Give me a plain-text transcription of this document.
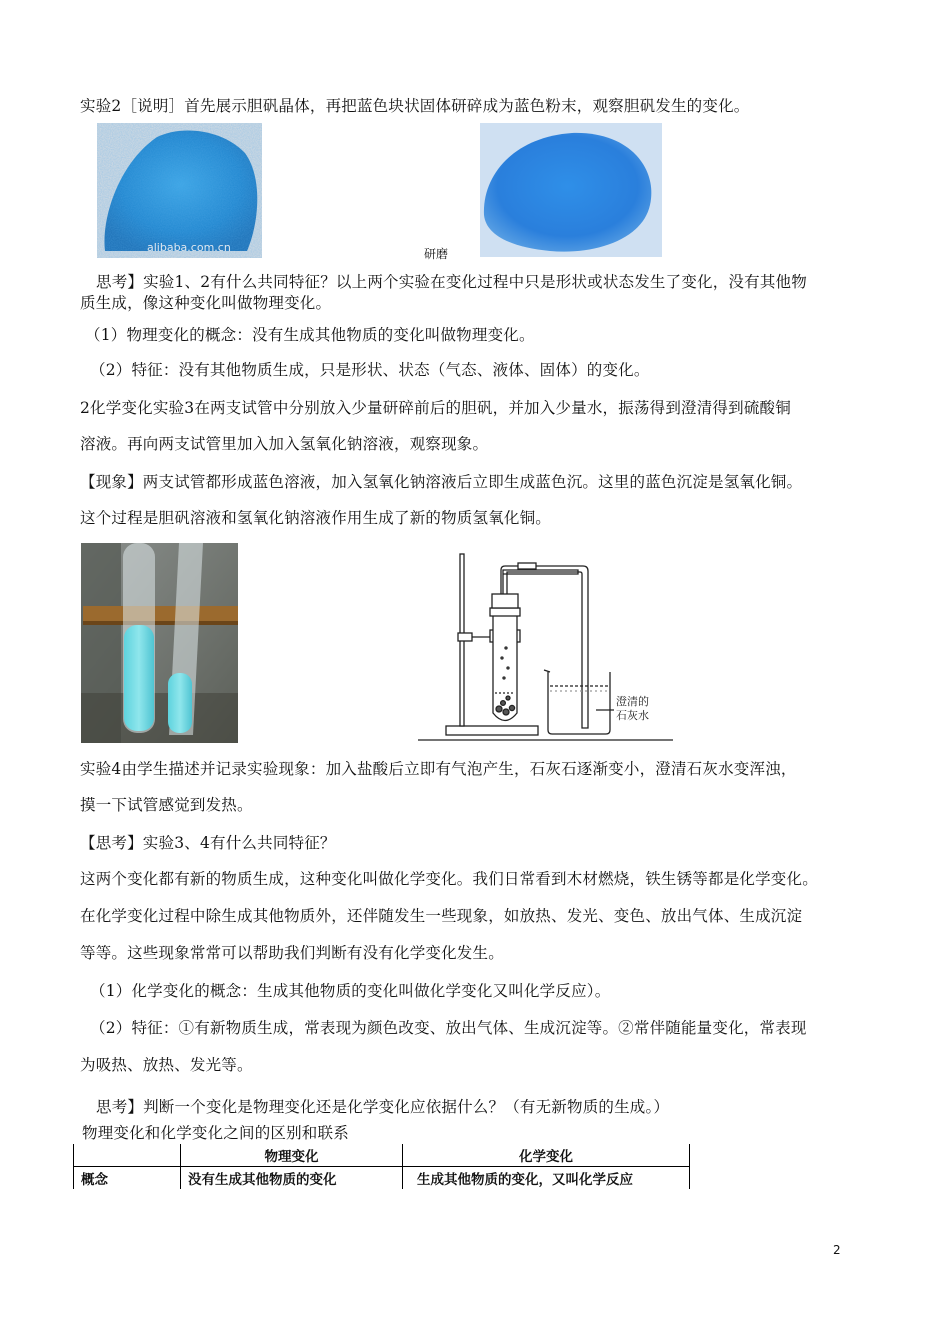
实验2［说明］首先展示胆矾晶体，再把蓝色块状固体研碎成为蓝色粉末，观察胆矾发生的变化。
alibaba.com.cn	研磨
思考】实验1、2有什么共同特征？以上两个实验在变化过程中只是形状或状态发生了变化，没有其他物
质生成，像这种变化叫做物理变化。
（1）物理变化的概念：没有生成其他物质的变化叫做物理变化。
（2）特征：没有其他物质生成，只是形状、状态（气态、液体、固体）的变化。
2化学变化实验3在两支试管中分别放入少量研碎前后的胆矾，并加入少量水，振荡得到澄清得到硫酸铜
溶液。再向两支试管里加入加入氢氧化钠溶液，观察现象。
【现象】两支试管都形成蓝色溶液，加入氢氧化钠溶液后立即生成蓝色沉。这里的蓝色沉淀是氢氧化铜。
这个过程是胆矾溶液和氢氧化钠溶液作用生成了新的物质氢氧化铜。
澄清的
石灰水
实验4由学生描述并记录实验现象：加入盐酸后立即有气泡产生，石灰石逐渐变小，澄清石灰水变浑浊，
摸一下试管感觉到发热。
【思考】实验3、4有什么共同特征？
这两个变化都有新的物质生成，这种变化叫做化学变化。我们日常看到木材燃烧，铁生锈等都是化学变化。
在化学变化过程中除生成其他物质外，还伴随发生一些现象，如放热、发光、变色、放出气体、生成沉淀
等等。这些现象常常可以帮助我们判断有没有化学变化发生。
（1）化学变化的概念：生成其他物质的变化叫做化学变化又叫化学反应）。
（2）特征：①有新物质生成，常表现为颜色改变、放出气体、生成沉淀等。②常伴随能量变化，常表现
为吸热、放热、发光等。
思考】判断一个变化是物理变化还是化学变化应依据什么？（有无新物质的生成。）
物理变化和化学变化之间的区别和联系
	物理变化	化学变化
概念	没有生成其他物质的变化	生成其他物质的变化，又叫化学反应
2
